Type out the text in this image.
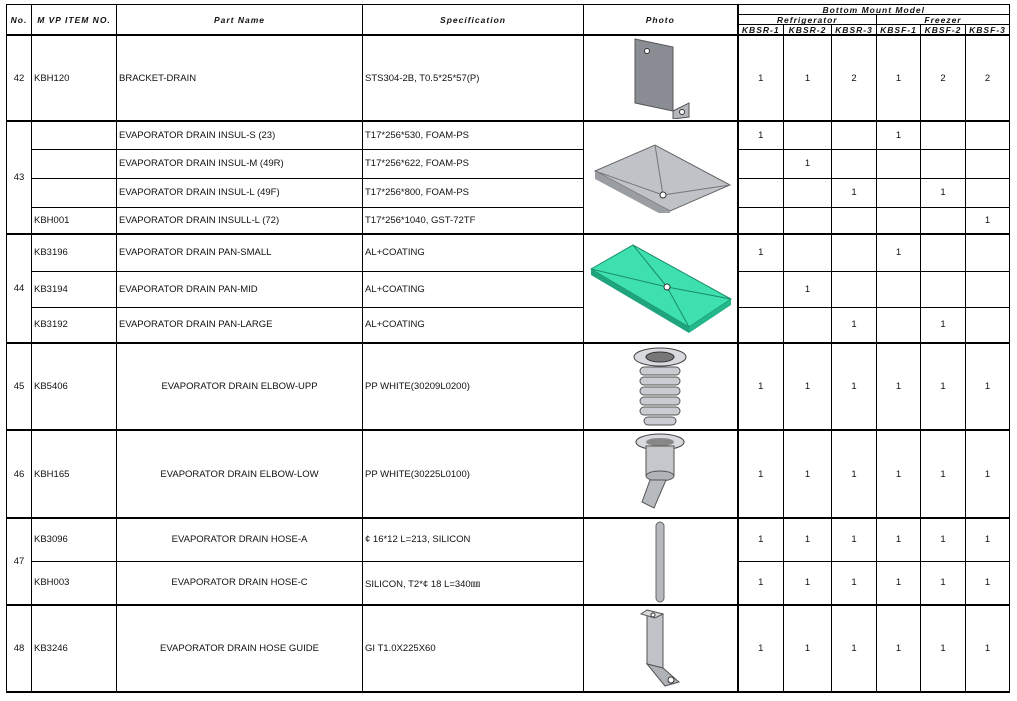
No.	M VP ITEM NO.	Part Name	Specification	Photo	Bottom Mount Model					
					Refrigerator			Freezer		
					KBSR-1	KBSR-2	KBSR-3	KBSF-1	KBSF-2	KBSF-3
42	KBH120	BRACKET-DRAIN	STS304-2B, T0.5*25*57(P)		1	1	2	1	2	2
43		EVAPORATOR DRAIN INSUL-S (23)	T17*256*530, FOAM-PS		1			1		
		EVAPORATOR DRAIN INSUL-M (49R)	T17*256*622, FOAM-PS			1				
		EVAPORATOR DRAIN INSUL-L (49F)	T17*256*800, FOAM-PS				1		1	
	KBH001	EVAPORATOR DRAIN INSULL-L (72)	T17*256*1040, GST-72TF							1
44	KB3196	EVAPORATOR DRAIN PAN-SMALL	AL+COATING		1			1		
	KB3194	EVAPORATOR DRAIN PAN-MID	AL+COATING			1				
	KB3192	EVAPORATOR DRAIN PAN-LARGE	AL+COATING				1		1	
45	KB5406	EVAPORATOR DRAIN ELBOW-UPP	PP WHITE(30209L0200)		1	1	1	1	1	1
46	KBH165	EVAPORATOR DRAIN ELBOW-LOW	PP WHITE(30225L0100)		1	1	1	1	1	1
47	KB3096	EVAPORATOR DRAIN HOSE-A	¢ 16*12 L=213, SILICON		1	1	1	1	1	1
	KBH003	EVAPORATOR DRAIN HOSE-C	SILICON, T2*¢ 18 L=340㎜		1	1	1	1	1	1
48	KB3246	EVAPORATOR DRAIN HOSE GUIDE	GI T1.0X225X60		1	1	1	1	1	1
